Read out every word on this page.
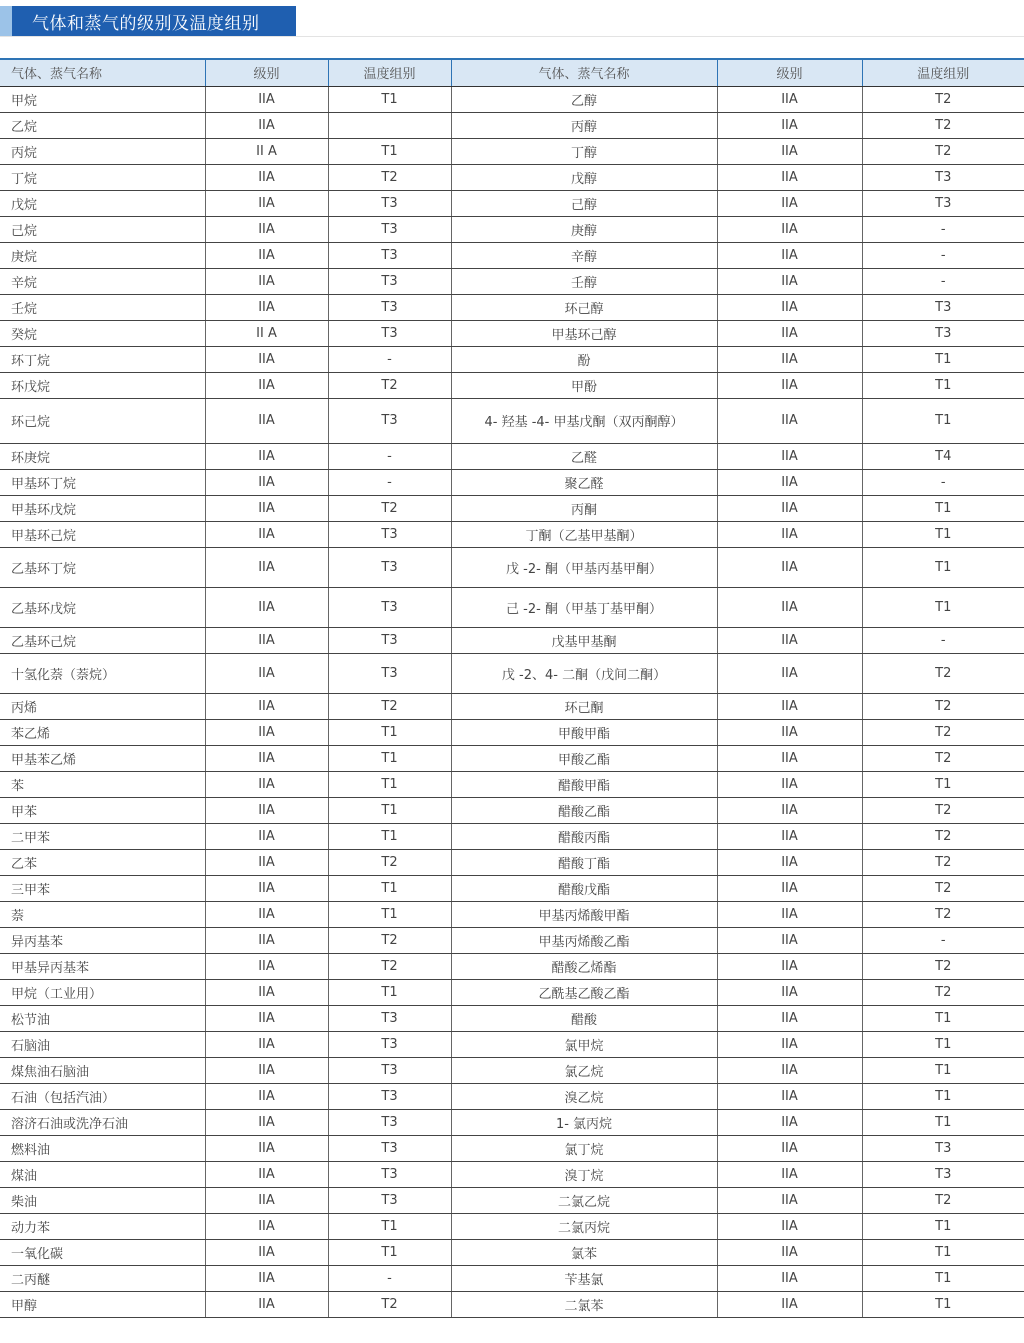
气体和蒸气的级别及温度组别
气体、蒸气名称	级别	温度组别	气体、蒸气名称	级别	温度组别
甲烷	IIA	T1	乙醇	IIA	T2
乙烷	IIA		丙醇	IIA	T2
丙烷	II A	T1	丁醇	IIA	T2
丁烷	IIA	T2	戊醇	IIA	T3
戊烷	IIA	T3	己醇	IIA	T3
己烷	IIA	T3	庚醇	IIA	-
庚烷	IIA	T3	辛醇	IIA	-
辛烷	IIA	T3	壬醇	IIA	-
壬烷	IIA	T3	环己醇	IIA	T3
癸烷	II A	T3	甲基环己醇	IIA	T3
环丁烷	IIA	-	酚	IIA	T1
环戊烷	IIA	T2	甲酚	IIA	T1
环己烷	IIA	T3	4- 羟基 -4- 甲基戊酮（双丙酮醇）	IIA	T1
环庚烷	IIA	-	乙醛	IIA	T4
甲基环丁烷	IIA	-	聚乙醛	IIA	-
甲基环戊烷	IIA	T2	丙酮	IIA	T1
甲基环己烷	IIA	T3	丁酮（乙基甲基酮）	IIA	T1
乙基环丁烷	IIA	T3	戊 -2- 酮（甲基丙基甲酮）	IIA	T1
乙基环戊烷	IIA	T3	己 -2- 酮（甲基丁基甲酮）	IIA	T1
乙基环己烷	IIA	T3	戊基甲基酮	IIA	-
十氢化萘（萘烷）	IIA	T3	戊 -2、4- 二酮（戊间二酮）	IIA	T2
丙烯	IIA	T2	环己酮	IIA	T2
苯乙烯	IIA	T1	甲酸甲酯	IIA	T2
甲基苯乙烯	IIA	T1	甲酸乙酯	IIA	T2
苯	IIA	T1	醋酸甲酯	IIA	T1
甲苯	IIA	T1	醋酸乙酯	IIA	T2
二甲苯	IIA	T1	醋酸丙酯	IIA	T2
乙苯	IIA	T2	醋酸丁酯	IIA	T2
三甲苯	IIA	T1	醋酸戊酯	IIA	T2
萘	IIA	T1	甲基丙烯酸甲酯	IIA	T2
异丙基苯	IIA	T2	甲基丙烯酸乙酯	IIA	-
甲基异丙基苯	IIA	T2	醋酸乙烯酯	IIA	T2
甲烷（工业用）	IIA	T1	乙酰基乙酸乙酯	IIA	T2
松节油	IIA	T3	醋酸	IIA	T1
石脑油	IIA	T3	氯甲烷	IIA	T1
煤焦油石脑油	IIA	T3	氯乙烷	IIA	T1
石油（包括汽油）	IIA	T3	溴乙烷	IIA	T1
溶济石油或洗净石油	IIA	T3	1- 氯丙烷	IIA	T1
燃料油	IIA	T3	氯丁烷	IIA	T3
煤油	IIA	T3	溴丁烷	IIA	T3
柴油	IIA	T3	二氯乙烷	IIA	T2
动力苯	IIA	T1	二氯丙烷	IIA	T1
一氧化碳	IIA	T1	氯苯	IIA	T1
二丙醚	IIA	-	苄基氯	IIA	T1
甲醇	IIA	T2	二氯苯	IIA	T1
